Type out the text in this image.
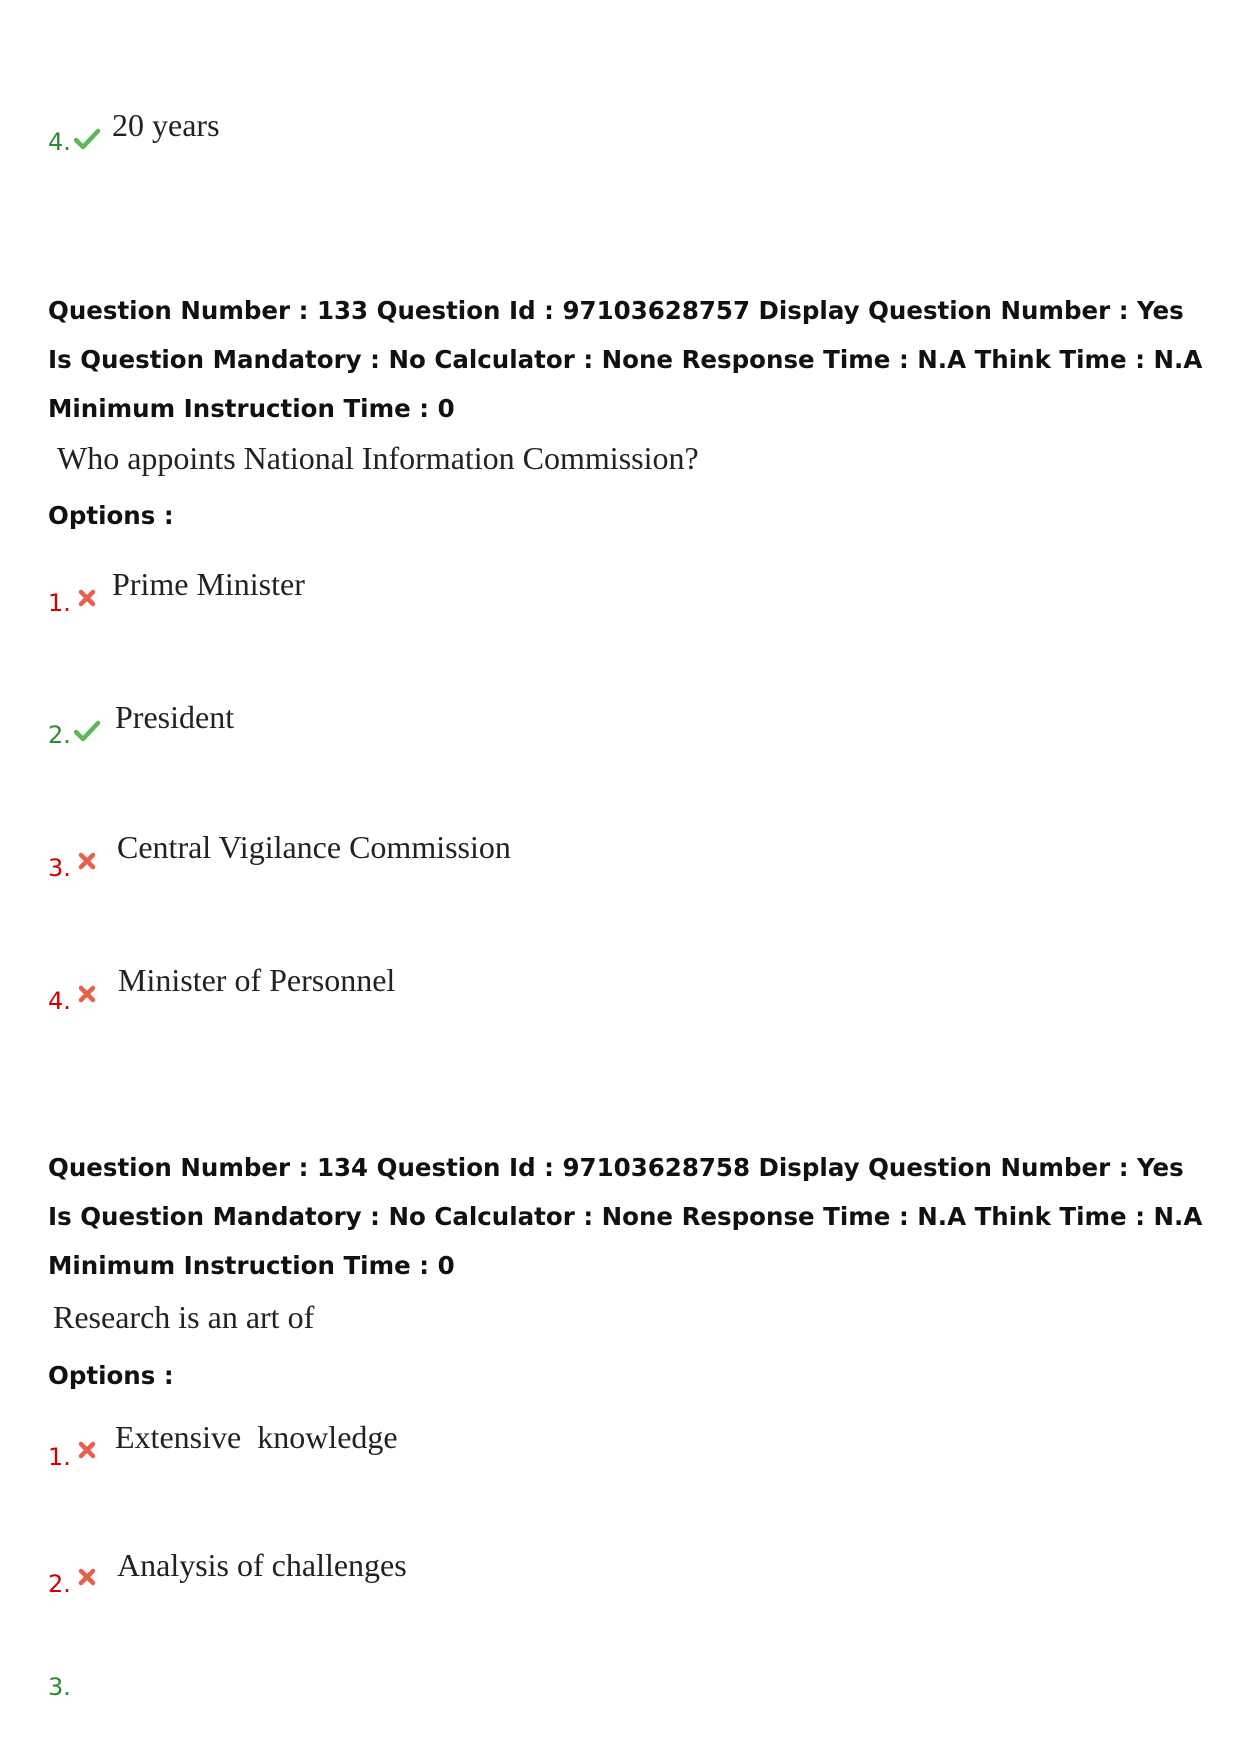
4. 20 years
Question Number : 133 Question Id : 97103628757 Display Question Number : Yes Is Question Mandatory : No Calculator : None Response Time : N.A Think Time : N.A Minimum Instruction Time : 0
Who appoints National Information Commission?
Options :
1.
Prime Minister
2. President
3.
Central Vigilance Commission
4.
Minister of Personnel
Question Number : 134 Question Id : 97103628758 Display Question Number : Yes Is Question Mandatory : No Calculator : None Response Time : N.A Think Time : N.A Minimum Instruction Time : 0
Research is an art of
Options :
1.
Extensive  knowledge
2.
Analysis of challenges
3.
